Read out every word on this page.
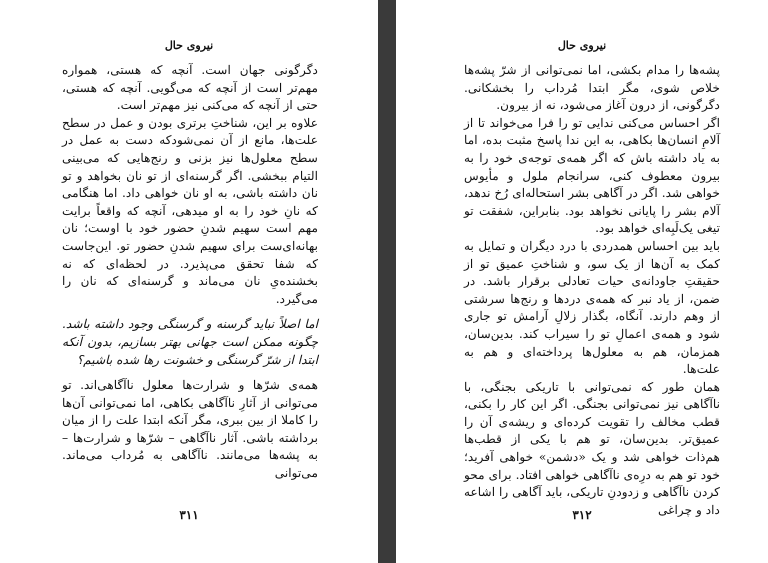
نیروی حال

دگرگونی جهان است. آنچه که هستی، همواره مهم‌تر است از آنچه که می‌گویی. آنچه که هستی، حتی از آنچه که می‌کنی نیز مهم‌تر است.

علاوه بر این، شناختِ برتری بودن و عمل در سطح علت‌ها، مانع از آن نمی‌شودکه دست به عمل در سطح معلول‌ها نیز بزنی و رنج‌هایی که می‌بینی التیام ببخشی. اگر گرسنه‌ای از تو نان بخواهد و تو نان داشته باشی، به او نان خواهی داد. اما هنگامی که نانِ خود را به او میدهی، آنچه که واقعاً برایت مهم است سهیم شدنِ حضور خود با اوست؛ نان بهانه‌ای‌ست برای سهیم شدنِ حضور تو. این‌جاست که شفا تحقق می‌پذیرد. در لحظه‌ای که نه بخشنده‌یِ نان می‌ماند و گرسنه‌ای که نان را می‌گیرد.

اما اصلاً نباید گرسنه و گرسنگی وجود داشته باشد. چگونه ممکن است جهانی بهتر بسازیم، بدون آنکه ابتدا از شرّ گرسنگی و خشونت رها شده باشیم؟

همه‌ی شرّها و شرارت‌ها معلول ناآگاهی‌اند. تو می‌توانی از آثارِ ناآگاهی بکاهی، اما نمی‌توانی آن‌ها را کاملا از بین ببری، مگر آنکه ابتدا علت را از میان برداشته باشی. آثار ناآگاهی – شرّها و شرارت‌ها – به پشه‌ها می‌مانند. ناآگاهی به مُرداب می‌ماند. می‌توانی

۳۱۱
نیروی حال

پشه‌ها را مدام بکشی، اما نمی‌توانی از شرّ پشه‌ها خلاص شوی، مگر ابتدا مُرداب را بخشکانی. دگرگونی، از درون آغاز می‌شود، نه از بیرون.

اگر احساس می‌کنی ندایی تو را فرا می‌خواند تا از آلامِ انسان‌ها بکاهی، به این ندا پاسخ مثبت بده، اما به یاد داشته باش که اگر همه‌ی توجه‌ی خود را به بیرون معطوف کنی، سرانجام ملول و مأیوس خواهی شد. اگر در آگاهی بشر استحاله‌ای رُخ ندهد، آلام بشر را پایانی نخواهد بود. بنابراین، شفقت تو تیغی یک‌لَبِه‌ای خواهد بود.

باید بین احساس همدردی با درد دیگران و تمایل به کمک به آن‌ها از یک سو، و شناختِ عمیق تو از حقیقتِ جاودانه‌ی حیات تعادلی برقرار باشد. در ضمن، از یاد نبر که همه‌ی دردها و رنج‌ها سرشتی از وهم دارند. آنگاه، بگذار زلالِ آرامش تو جاری شود و همه‌ی اعمالِ تو را سیراب کند. بدین‌سان، همزمان، هم به معلول‌ها پرداخته‌ای و هم به علت‌ها.

همان طور که نمی‌توانی با تاریکی بجنگی، با ناآگاهی نیز نمی‌توانی بجنگی. اگر این کار را بکنی، قطب مخالف را تقویت کرده‌ای و ریشه‌ی آن را عمیق‌تر. بدین‌سان، تو هم با یکی از قطب‌ها هم‌ذات خواهی شد و یک «دشمن» خواهی آفرید؛ خود تو هم به درِه‌ی ناآگاهی خواهی افتاد. برای محو کردن ناآگاهی و زدودنِ تاریکی، باید آگاهی را اشاعه داد و چراغی

۳۱۲
